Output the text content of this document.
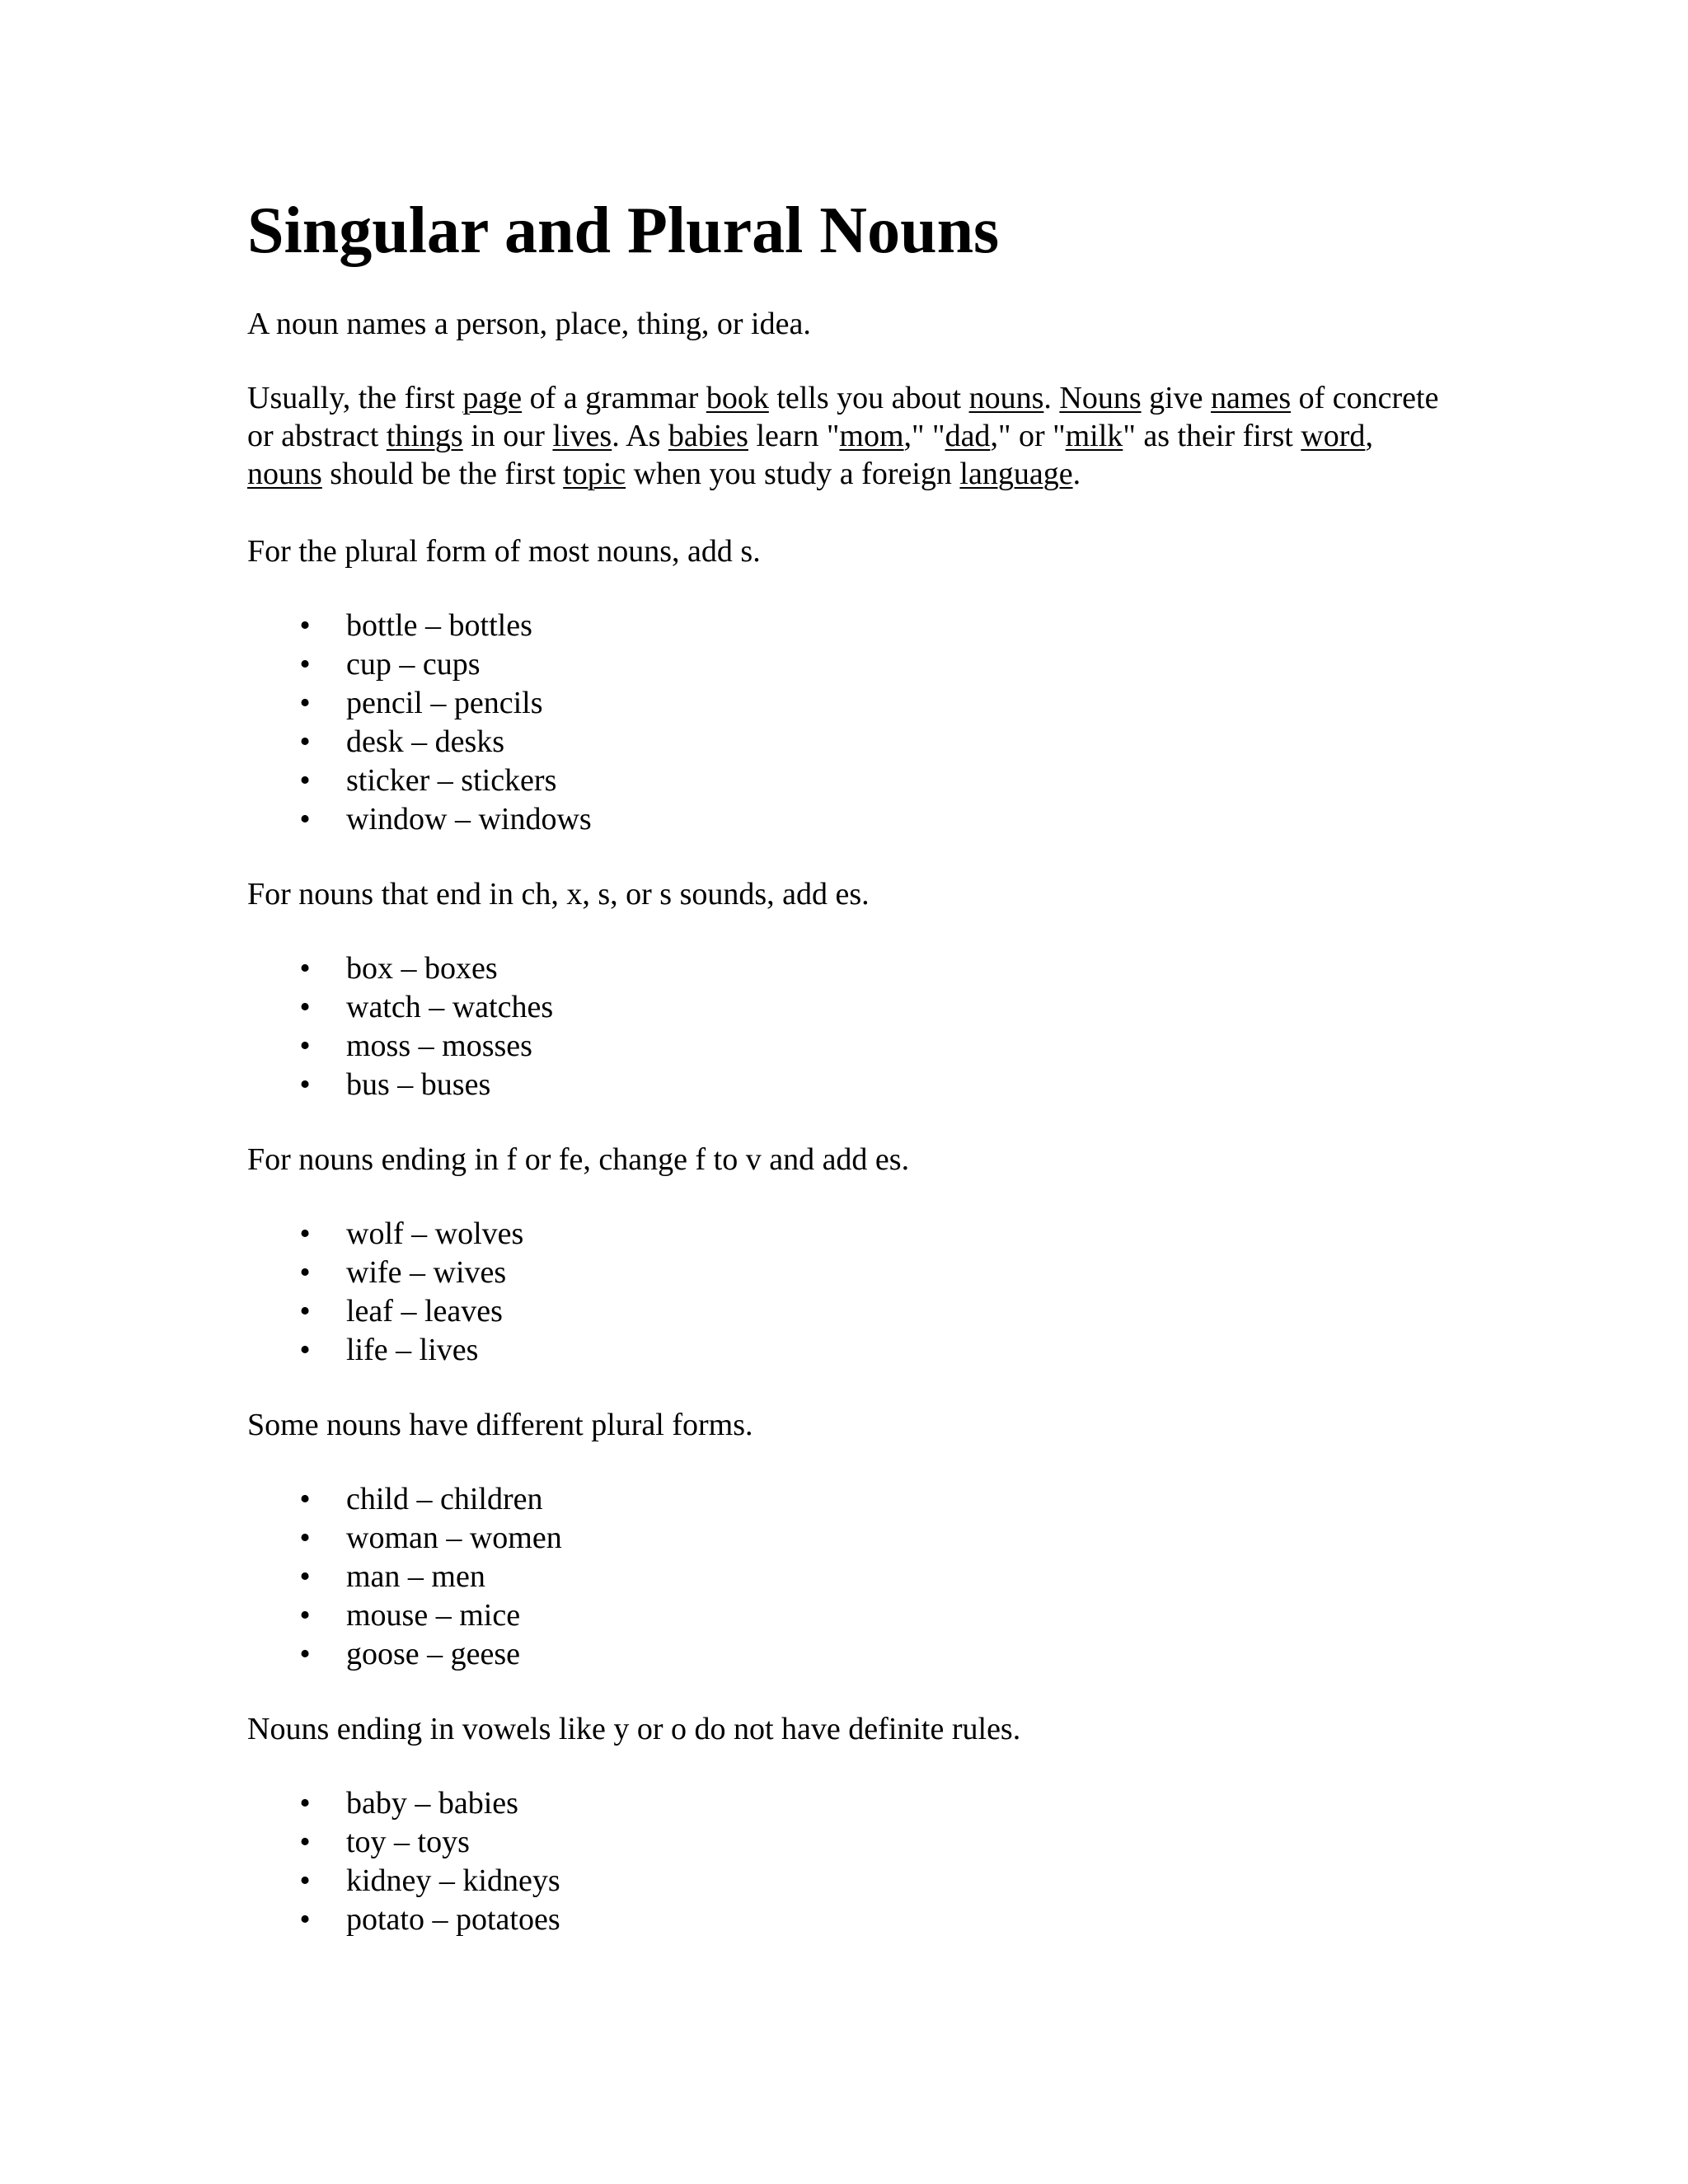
Singular and Plural Nouns

A noun names a person, place, thing, or idea.

Usually, the first page of a grammar book tells you about nouns. Nouns give names of concrete or abstract things in our lives. As babies learn "mom," "dad," or "milk" as their first word, nouns should be the first topic when you study a foreign language.

For the plural form of most nouns, add s.

• bottle – bottles
• cup – cups
• pencil – pencils
• desk – desks
• sticker – stickers
• window – windows

For nouns that end in ch, x, s, or s sounds, add es.

• box – boxes
• watch – watches
• moss – mosses
• bus – buses

For nouns ending in f or fe, change f to v and add es.

• wolf – wolves
• wife – wives
• leaf – leaves
• life – lives

Some nouns have different plural forms.

• child – children
• woman – women
• man – men
• mouse – mice
• goose – geese

Nouns ending in vowels like y or o do not have definite rules.

• baby – babies
• toy – toys
• kidney – kidneys
• potato – potatoes
